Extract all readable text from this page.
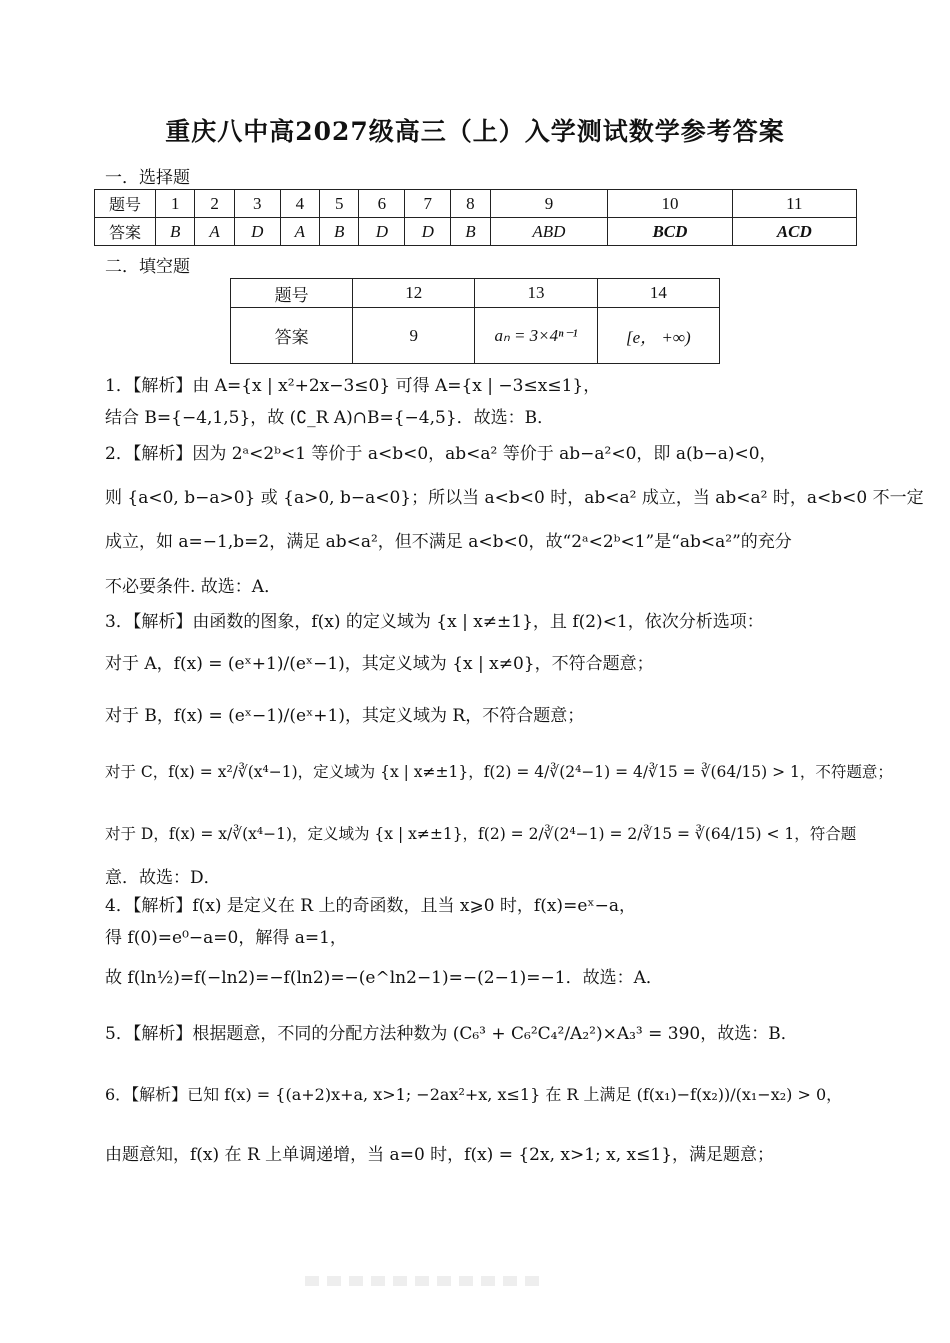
重庆八中高2027级高三（上）入学测试数学参考答案
一．选择题
题号	1	2	3	4	5	6	7	8	9	10	11
答案	B	A	D	A	B	D	D	B	ABD	BCD	ACD
二．填空题
题号	12	13	14
答案	9	aₙ = 3×4ⁿ⁻¹	[e， +∞)
1．【解析】由 A={x | x²+2x−3≤0} 可得 A={x | −3≤x≤1}，
结合 B={−4,1,5}，故 (∁_R A)∩B={−4,5}．故选：B．
2．【解析】因为 2ᵃ<2ᵇ<1 等价于 a<b<0，ab<a² 等价于 ab−a²<0，即 a(b−a)<0，
则 {a<0, b−a>0} 或 {a>0, b−a<0}；所以当 a<b<0 时，ab<a² 成立，当 ab<a² 时，a<b<0 不一定
成立，如 a=−1,b=2，满足 ab<a²，但不满足 a<b<0，故“2ᵃ<2ᵇ<1”是“ab<a²”的充分
不必要条件. 故选：A．
3．【解析】由函数的图象，f(x) 的定义域为 {x | x≠±1}，且 f(2)<1，依次分析选项：
对于 A，f(x) = (eˣ+1)/(eˣ−1)，其定义域为 {x | x≠0}，不符合题意；
对于 B，f(x) = (eˣ−1)/(eˣ+1)，其定义域为 R，不符合题意；
对于 C，f(x) = x²/∛(x⁴−1)，定义域为 {x | x≠±1}，f(2) = 4/∛(2⁴−1) = 4/∛15 = ∛(64/15) > 1，不符题意；
对于 D，f(x) = x/∛(x⁴−1)，定义域为 {x | x≠±1}，f(2) = 2/∛(2⁴−1) = 2/∛15 = ∛(64/15) < 1，符合题
意．故选：D．
4．【解析】f(x) 是定义在 R 上的奇函数，且当 x⩾0 时，f(x)=eˣ−a，
得 f(0)=e⁰−a=0，解得 a=1，
故 f(ln½)=f(−ln2)=−f(ln2)=−(e^ln2−1)=−(2−1)=−1．故选：A．
5．【解析】根据题意，不同的分配方法种数为 (C₆³ + C₆²C₄²/A₂²)×A₃³ = 390，故选：B．
6．【解析】已知 f(x) = {(a+2)x+a, x>1; −2ax²+x, x≤1} 在 R 上满足 (f(x₁)−f(x₂))/(x₁−x₂) > 0，
由题意知，f(x) 在 R 上单调递增，当 a=0 时，f(x) = {2x, x>1; x, x≤1}，满足题意；
